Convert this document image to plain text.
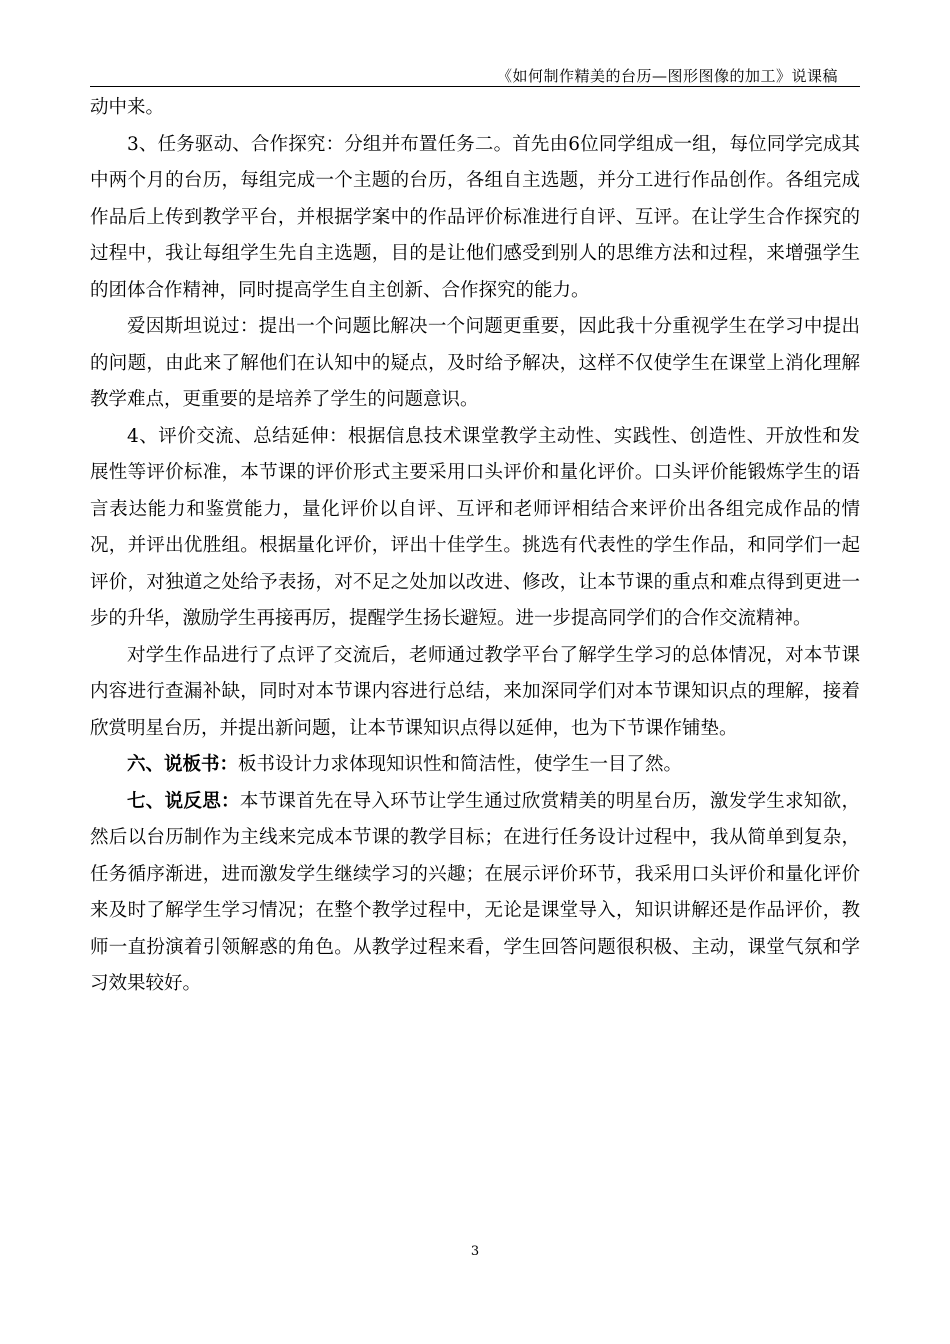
《如何制作精美的台历—图形图像的加工》说课稿

动中来。

3、任务驱动、合作探究：分组并布置任务二。首先由6位同学组成一组，每位同学完成其中两个月的台历，每组完成一个主题的台历，各组自主选题，并分工进行作品创作。各组完成作品后上传到教学平台，并根据学案中的作品评价标准进行自评、互评。在让学生合作探究的过程中，我让每组学生先自主选题，目的是让他们感受到别人的思维方法和过程，来增强学生的团体合作精神，同时提高学生自主创新、合作探究的能力。

爱因斯坦说过：提出一个问题比解决一个问题更重要，因此我十分重视学生在学习中提出的问题，由此来了解他们在认知中的疑点，及时给予解决，这样不仅使学生在课堂上消化理解教学难点，更重要的是培养了学生的问题意识。

4、评价交流、总结延伸：根据信息技术课堂教学主动性、实践性、创造性、开放性和发展性等评价标准，本节课的评价形式主要采用口头评价和量化评价。口头评价能锻炼学生的语言表达能力和鉴赏能力，量化评价以自评、互评和老师评相结合来评价出各组完成作品的情况，并评出优胜组。根据量化评价，评出十佳学生。挑选有代表性的学生作品，和同学们一起评价，对独道之处给予表扬，对不足之处加以改进、修改，让本节课的重点和难点得到更进一步的升华，激励学生再接再厉，提醒学生扬长避短。进一步提高同学们的合作交流精神。

对学生作品进行了点评了交流后，老师通过教学平台了解学生学习的总体情况，对本节课内容进行查漏补缺，同时对本节课内容进行总结，来加深同学们对本节课知识点的理解，接着欣赏明星台历，并提出新问题，让本节课知识点得以延伸，也为下节课作铺垫。

六、说板书：板书设计力求体现知识性和简洁性，使学生一目了然。

七、说反思：本节课首先在导入环节让学生通过欣赏精美的明星台历，激发学生求知欲，然后以台历制作为主线来完成本节课的教学目标；在进行任务设计过程中，我从简单到复杂，任务循序渐进，进而激发学生继续学习的兴趣；在展示评价环节，我采用口头评价和量化评价来及时了解学生学习情况；在整个教学过程中，无论是课堂导入，知识讲解还是作品评价，教师一直扮演着引领解惑的角色。从教学过程来看，学生回答问题很积极、主动，课堂气氛和学习效果较好。

3
